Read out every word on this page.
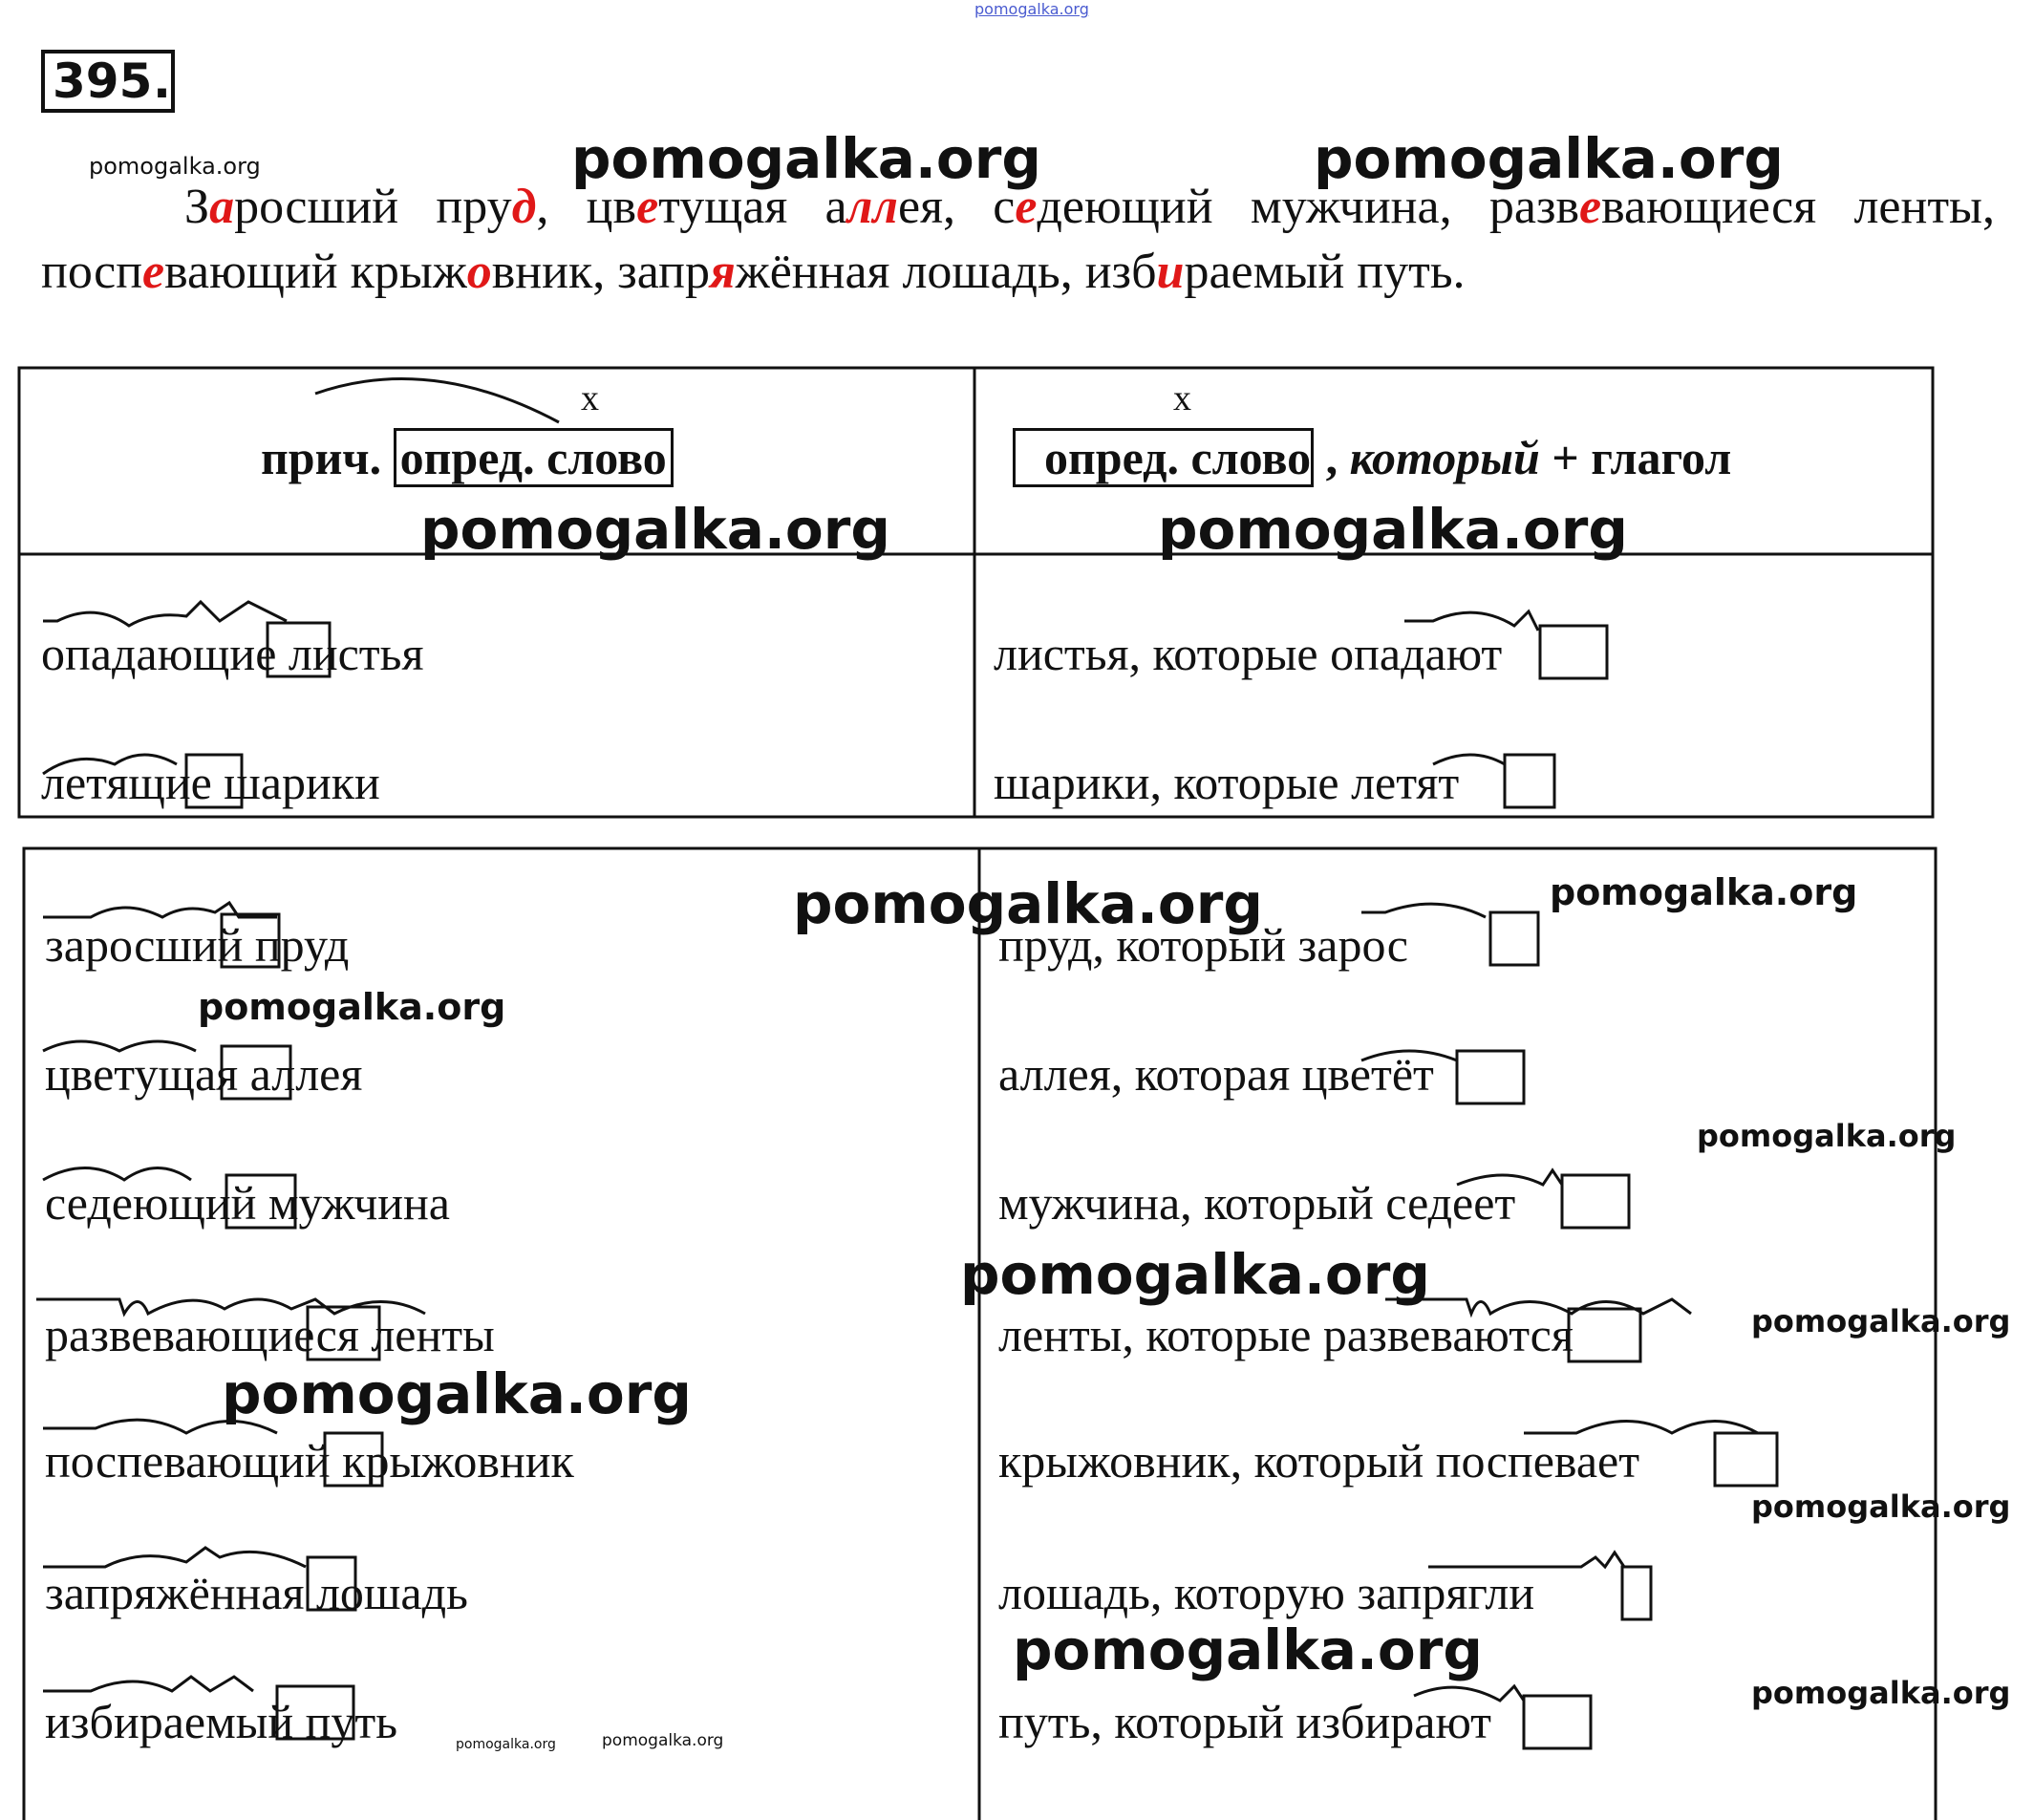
pomogalka.org
395 .
pomogalka.org	pomogalka.org	pomogalka.org
Заросший пруд, цветущая аллея, седеющий мужчина, развевающиеся ленты, поспевающий крыжовник, запряжённая лошадь, избираемый путь.
x
прич. опред. слово
x
опред. слово , который + глагол
pomogalka.org	pomogalka.org
опадающие листья	листья, которые опадают
летящие шарики	шарики, которые летят
заросший пруд	пруд, который зарос
цветущая аллея	аллея, которая цветёт
седеющий мужчина	мужчина, который седеет
развевающиеся ленты	ленты, которые развеваются
поспевающий крыжовник	крыжовник, который поспевает
запряжённая лошадь	лошадь, которую запрягли
избираемый путь	путь, который избирают
pomogalka.org	pomogalka.org
pomogalka.org
pomogalka.org
pomogalka.org
pomogalka.org
pomogalka.org
pomogalka.org
pomogalka.org
pomogalka.org
pomogalka.org	pomogalka.org
